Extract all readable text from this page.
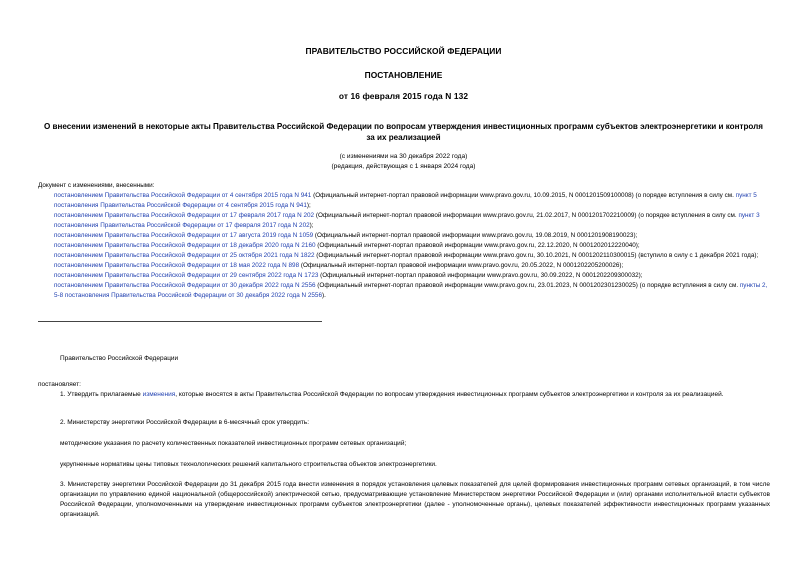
ПРАВИТЕЛЬСТВО РОССИЙСКОЙ ФЕДЕРАЦИИ
ПОСТАНОВЛЕНИЕ
от 16 февраля 2015 года N 132
О внесении изменений в некоторые акты Правительства Российской Федерации по вопросам утверждения инвестиционных программ субъектов электроэнергетики и контроля за их реализацией
(с изменениями на 30 декабря 2022 года)
(редакция, действующая с 1 января 2024 года)

Документ с изменениями, внесенными:

постановлением Правительства Российской Федерации от 4 сентября 2015 года N 941 (Официальный интернет-портал правовой информации www.pravo.gov.ru, 10.09.2015, N 0001201509100008) (о порядке вступления в силу см. пункт 5 постановления Правительства Российской Федерации от 4 сентября 2015 года N 941);

постановлением Правительства Российской Федерации от 17 февраля 2017 года N 202 (Официальный интернет-портал правовой информации www.pravo.gov.ru, 21.02.2017, N 0001201702210009) (о порядке вступления в силу см. пункт 3 постановления Правительства Российской Федерации от 17 февраля 2017 года N 202);

постановлением Правительства Российской Федерации от 17 августа 2019 года N 1059 (Официальный интернет-портал правовой информации www.pravo.gov.ru, 19.08.2019, N 0001201908190023);

постановлением Правительства Российской Федерации от 18 декабря 2020 года N 2160 (Официальный интернет-портал правовой информации www.pravo.gov.ru, 22.12.2020, N 0001202012220040);

постановлением Правительства Российской Федерации от 25 октября 2021 года N 1822 (Официальный интернет-портал правовой информации www.pravo.gov.ru, 30.10.2021, N 0001202110300015) (вступило в силу с 1 декабря 2021 года);

постановлением Правительства Российской Федерации от 18 мая 2022 года N 898 (Официальный интернет-портал правовой информации www.pravo.gov.ru, 20.05.2022, N 0001202205200026);

постановлением Правительства Российской Федерации от 29 сентября 2022 года N 1723 (Официальный интернет-портал правовой информации www.pravo.gov.ru, 30.09.2022, N 0001202209300032);

постановлением Правительства Российской Федерации от 30 декабря 2022 года N 2556 (Официальный интернет-портал правовой информации www.pravo.gov.ru, 23.01.2023, N 0001202301230025) (о порядке вступления в силу см. пункты 2, 5-8 постановления Правительства Российской Федерации от 30 декабря 2022 года N 2556).

Правительство Российской Федерации

постановляет:

1. Утвердить прилагаемые изменения, которые вносятся в акты Правительства Российской Федерации по вопросам утверждения инвестиционных программ субъектов электроэнергетики и контроля за их реализацией.

2. Министерству энергетики Российской Федерации в 6-месячный срок утвердить:

методические указания по расчету количественных показателей инвестиционных программ сетевых организаций;

укрупненные нормативы цены типовых технологических решений капитального строительства объектов электроэнергетики.

3. Министерству энергетики Российской Федерации до 31 декабря 2015 года внести изменения в порядок установления целевых показателей для целей формирования инвестиционных программ сетевых организаций, в том числе организации по управлению единой национальной (общероссийской) электрической сетью, предусматривающие установление Министерством энергетики Российской Федерации и (или) органами исполнительной власти субъектов Российской Федерации, уполномоченными на утверждение инвестиционных программ субъектов электроэнергетики (далее - уполномоченные органы), целевых показателей эффективности инвестиционных программ указанных организаций.
